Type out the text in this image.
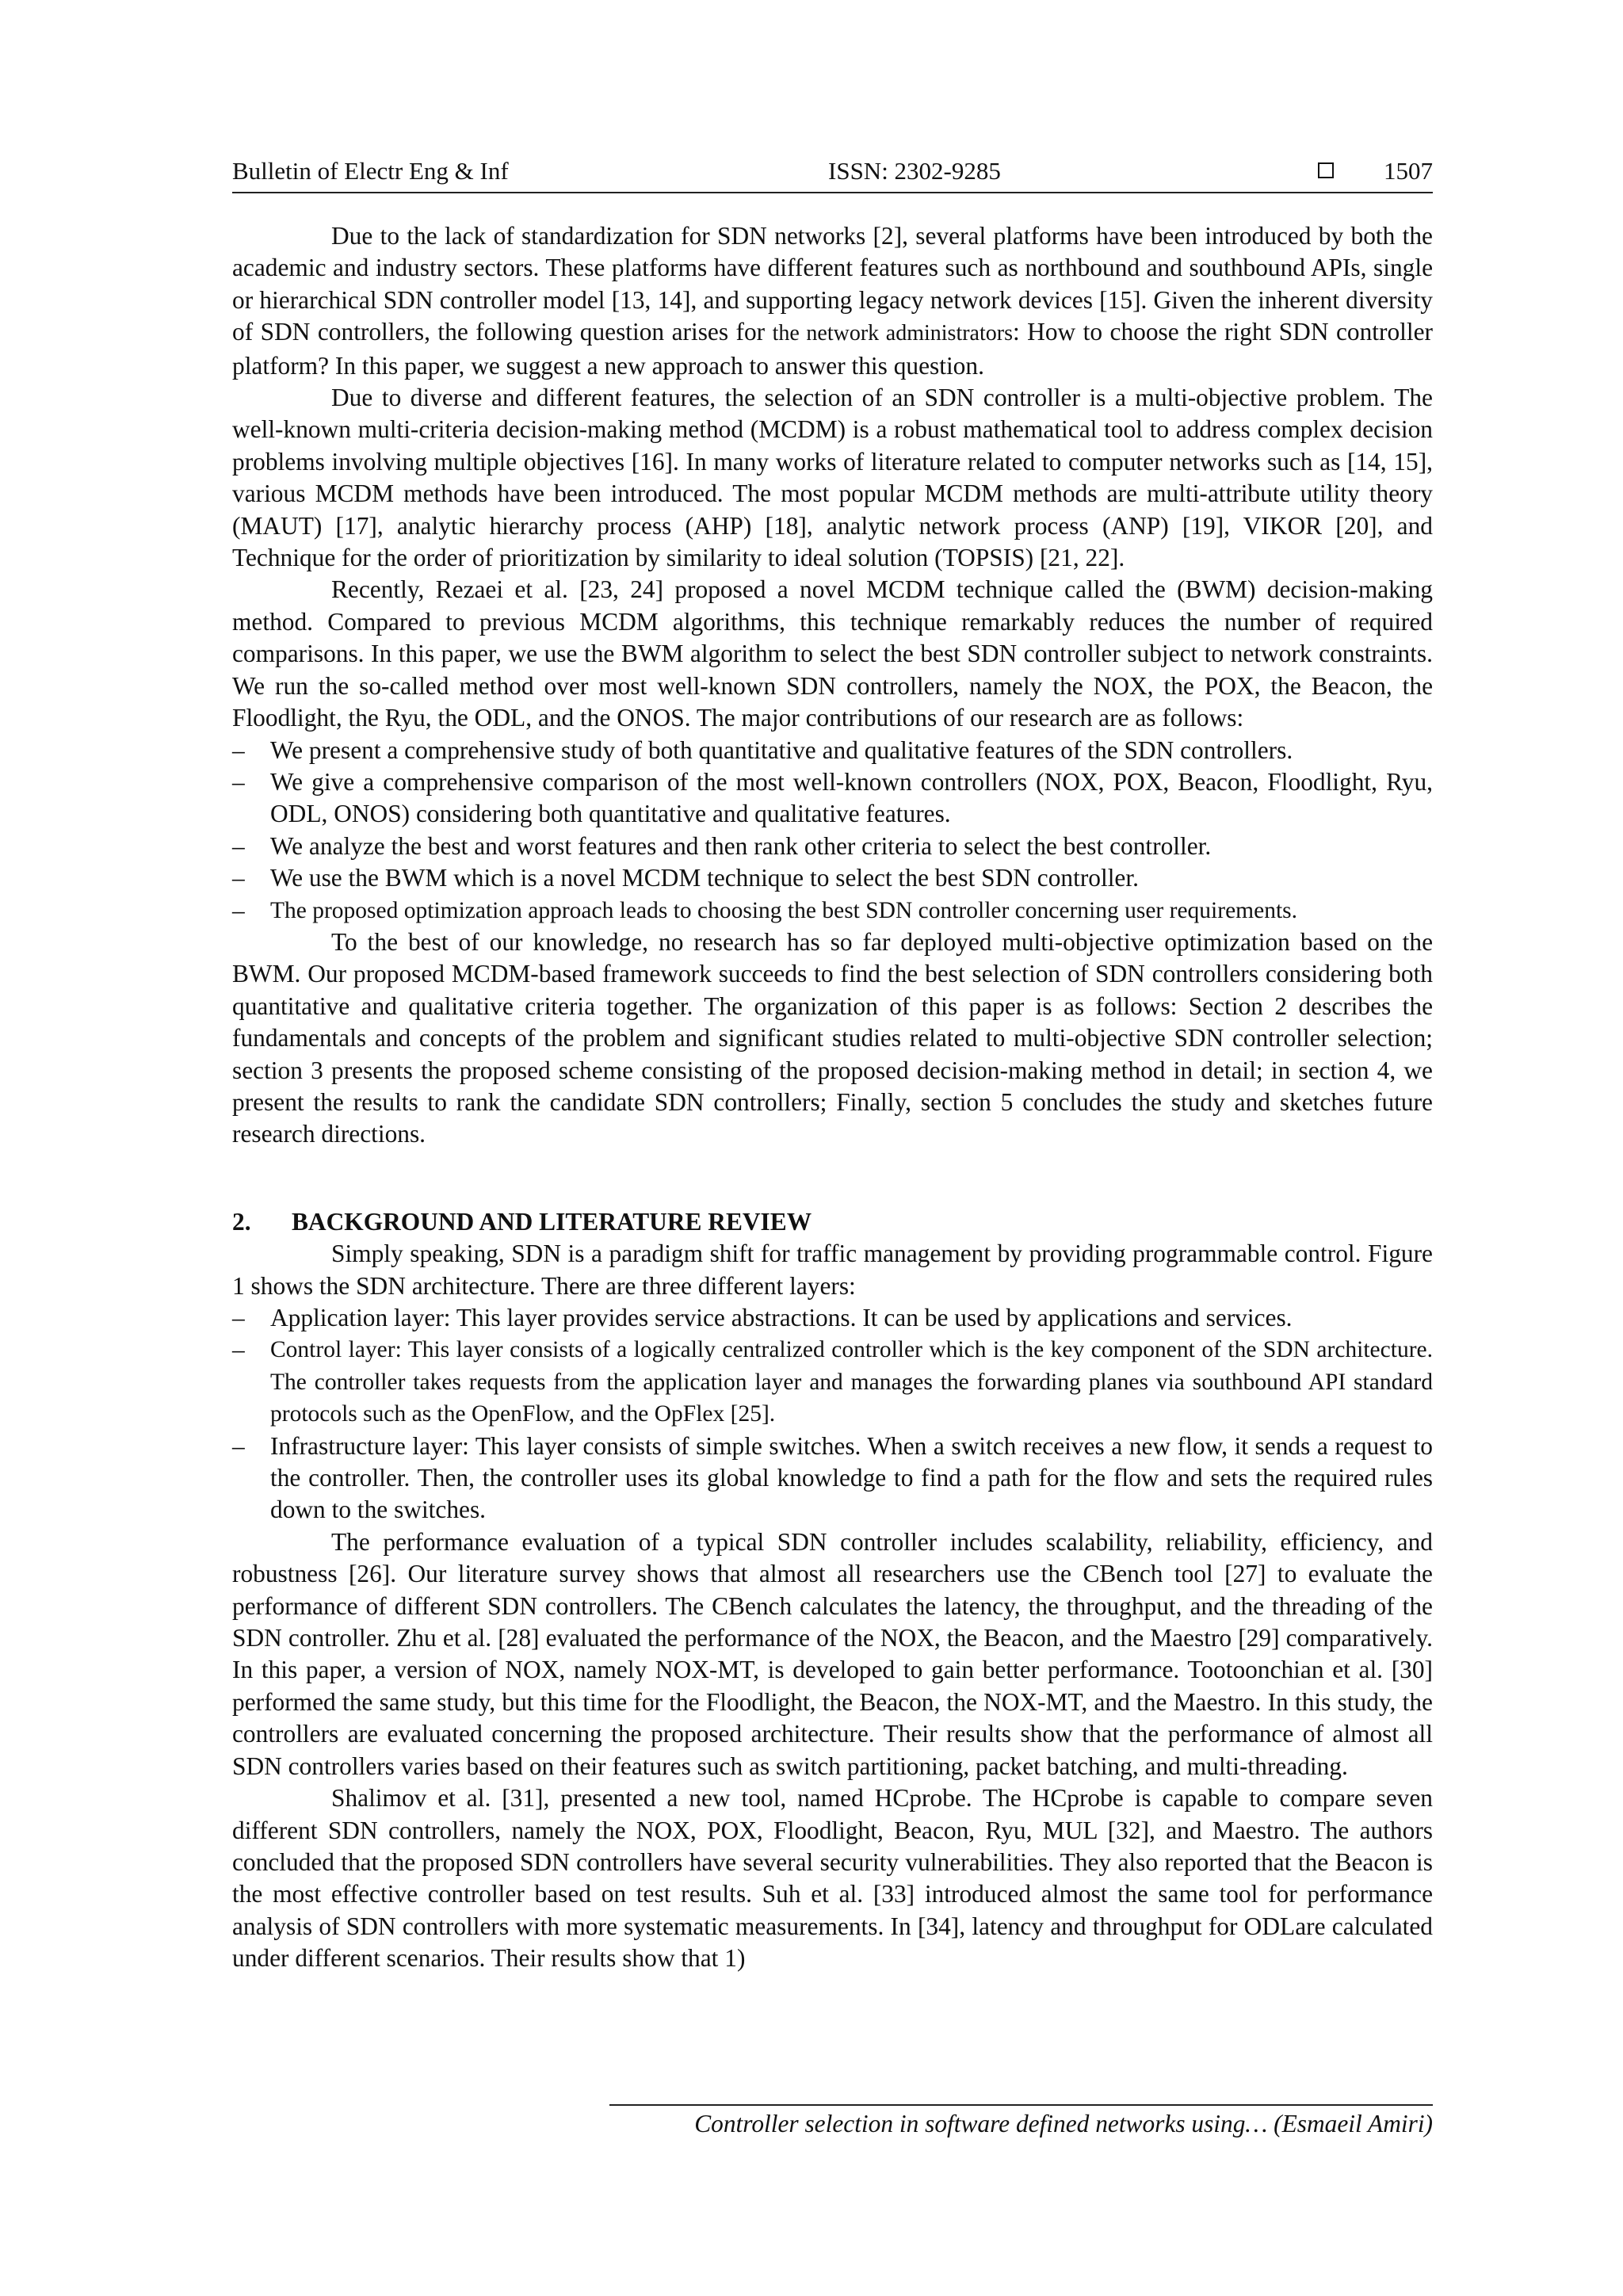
Bulletin of Electr Eng & Inf	ISSN: 2302-9285	1507

Due to the lack of standardization for SDN networks [2], several platforms have been introduced by both the academic and industry sectors. These platforms have different features such as northbound and southbound APIs, single or hierarchical SDN controller model [13, 14], and supporting legacy network devices [15]. Given the inherent diversity of SDN controllers, the following question arises for the network administrators: How to choose the right SDN controller platform? In this paper, we suggest a new approach to answer this question.

Due to diverse and different features, the selection of an SDN controller is a multi-objective problem. The well-known multi-criteria decision-making method (MCDM) is a robust mathematical tool to address complex decision problems involving multiple objectives [16]. In many works of literature related to computer networks such as [14, 15], various MCDM methods have been introduced. The most popular MCDM methods are multi-attribute utility theory (MAUT) [17], analytic hierarchy process (AHP) [18], analytic network process (ANP) [19], VIKOR [20], and Technique for the order of prioritization by similarity to ideal solution (TOPSIS) [21, 22].

Recently, Rezaei et al. [23, 24] proposed a novel MCDM technique called the (BWM) decision-making method. Compared to previous MCDM algorithms, this technique remarkably reduces the number of required comparisons. In this paper, we use the BWM algorithm to select the best SDN controller subject to network constraints. We run the so-called method over most well-known SDN controllers, namely the NOX, the POX, the Beacon, the Floodlight, the Ryu, the ODL, and the ONOS. The major contributions of our research are as follows:

– We present a comprehensive study of both quantitative and qualitative features of the SDN controllers.
– We give a comprehensive comparison of the most well-known controllers (NOX, POX, Beacon, Floodlight, Ryu, ODL, ONOS) considering both quantitative and qualitative features.
– We analyze the best and worst features and then rank other criteria to select the best controller.
– We use the BWM which is a novel MCDM technique to select the best SDN controller.
– The proposed optimization approach leads to choosing the best SDN controller concerning user requirements.

To the best of our knowledge, no research has so far deployed multi-objective optimization based on the BWM. Our proposed MCDM-based framework succeeds to find the best selection of SDN controllers considering both quantitative and qualitative criteria together. The organization of this paper is as follows: Section 2 describes the fundamentals and concepts of the problem and significant studies related to multi-objective SDN controller selection; section 3 presents the proposed scheme consisting of the proposed decision-making method in detail; in section 4, we present the results to rank the candidate SDN controllers; Finally, section 5 concludes the study and sketches future research directions.

2. BACKGROUND AND LITERATURE REVIEW

Simply speaking, SDN is a paradigm shift for traffic management by providing programmable control. Figure 1 shows the SDN architecture. There are three different layers:

– Application layer: This layer provides service abstractions. It can be used by applications and services.
– Control layer: This layer consists of a logically centralized controller which is the key component of the SDN architecture. The controller takes requests from the application layer and manages the forwarding planes via southbound API standard protocols such as the OpenFlow, and the OpFlex [25].
– Infrastructure layer: This layer consists of simple switches. When a switch receives a new flow, it sends a request to the controller. Then, the controller uses its global knowledge to find a path for the flow and sets the required rules down to the switches.

The performance evaluation of a typical SDN controller includes scalability, reliability, efficiency, and robustness [26]. Our literature survey shows that almost all researchers use the CBench tool [27] to evaluate the performance of different SDN controllers. The CBench calculates the latency, the throughput, and the threading of the SDN controller. Zhu et al. [28] evaluated the performance of the NOX, the Beacon, and the Maestro [29] comparatively. In this paper, a version of NOX, namely NOX-MT, is developed to gain better performance. Tootoonchian et al. [30] performed the same study, but this time for the Floodlight, the Beacon, the NOX-MT, and the Maestro. In this study, the controllers are evaluated concerning the proposed architecture. Their results show that the performance of almost all SDN controllers varies based on their features such as switch partitioning, packet batching, and multi-threading.

Shalimov et al. [31], presented a new tool, named HCprobe. The HCprobe is capable to compare seven different SDN controllers, namely the NOX, POX, Floodlight, Beacon, Ryu, MUL [32], and Maestro. The authors concluded that the proposed SDN controllers have several security vulnerabilities. They also reported that the Beacon is the most effective controller based on test results. Suh et al. [33] introduced almost the same tool for performance analysis of SDN controllers with more systematic measurements. In [34], latency and throughput for ODLare calculated under different scenarios. Their results show that 1)

Controller selection in software defined networks using… (Esmaeil Amiri)
